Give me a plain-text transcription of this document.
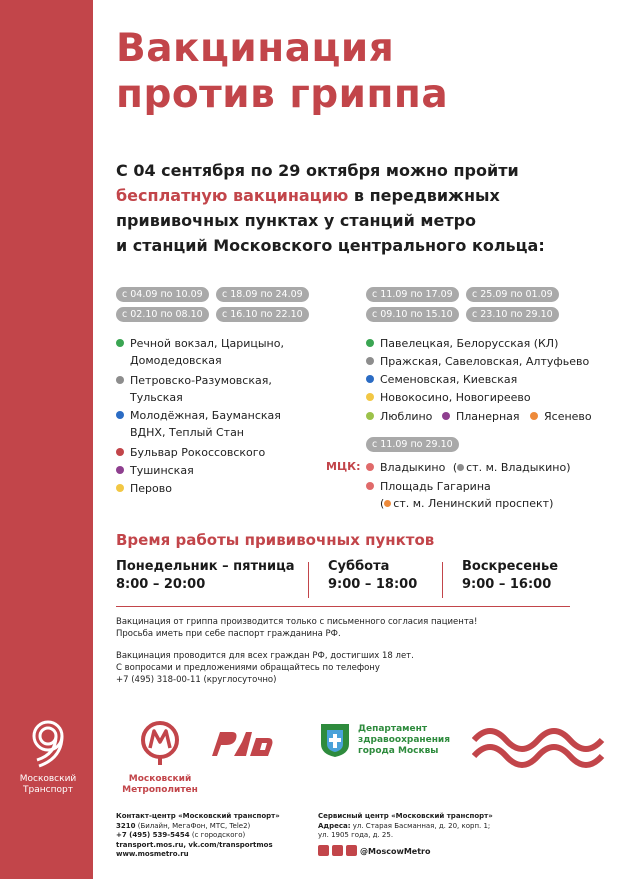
Московский
Транспорт
Вакцинация
против гриппа
С 04 сентября по 29 октября можно пройти
бесплатную вакцинацию в передвижных
прививочных пунктах у станций метро
и станций Московского центрального кольца:
с 04.09 по 10.09	с 18.09 по 24.09
с 02.10 по 08.10	с 16.10 по 22.10
Речной вокзал, Царицыно,
Домодедовская
Петровско-Разумовская,
Тульская
Молодёжная, Бауманская
ВДНХ, Теплый Стан
Бульвар Рокоссовского
Тушинская
Перово
с 11.09 по 17.09	с 25.09 по 01.09
с 09.10 по 15.10	с 23.10 по 29.10
Павелецкая, Белорусская (КЛ)
Пражская, Савеловская, Алтуфьево
Семеновская, Киевская
Новокосино, Новогиреево
Люблино	Планерная	Ясенево
с 11.09 по 29.10
МЦК:	Владыкино ( ст. м. Владыкино)
Площадь Гагарина
( ст. м. Ленинский проспект)
Время работы прививочных пунктов
Понедельник – пятница
8:00 – 20:00
Суббота
9:00 – 18:00
Воскресенье
9:00 – 16:00
Вакцинация от гриппа производится только с письменного согласия пациента!
Просьба иметь при себе паспорт гражданина РФ.
Вакцинация проводится для всех граждан РФ, достигших 18 лет.
С вопросами и предложениями обращайтесь по телефону
+7 (495) 318-00-11 (круглосуточно)
Московский
Метрополитен
Департамент
здравоохранения
города Москвы
Контакт-центр «Московский транспорт»
3210 (Билайн, МегаФон, МТС, Tele2)
+7 (495) 539-5454 (с городского)
transport.mos.ru, vk.com/transportmos
www.mosmetro.ru
Сервисный центр «Московский транспорт»
Адреса: ул. Старая Басманная, д. 20, корп. 1;
ул. 1905 года, д. 25.
@MoscowMetro
